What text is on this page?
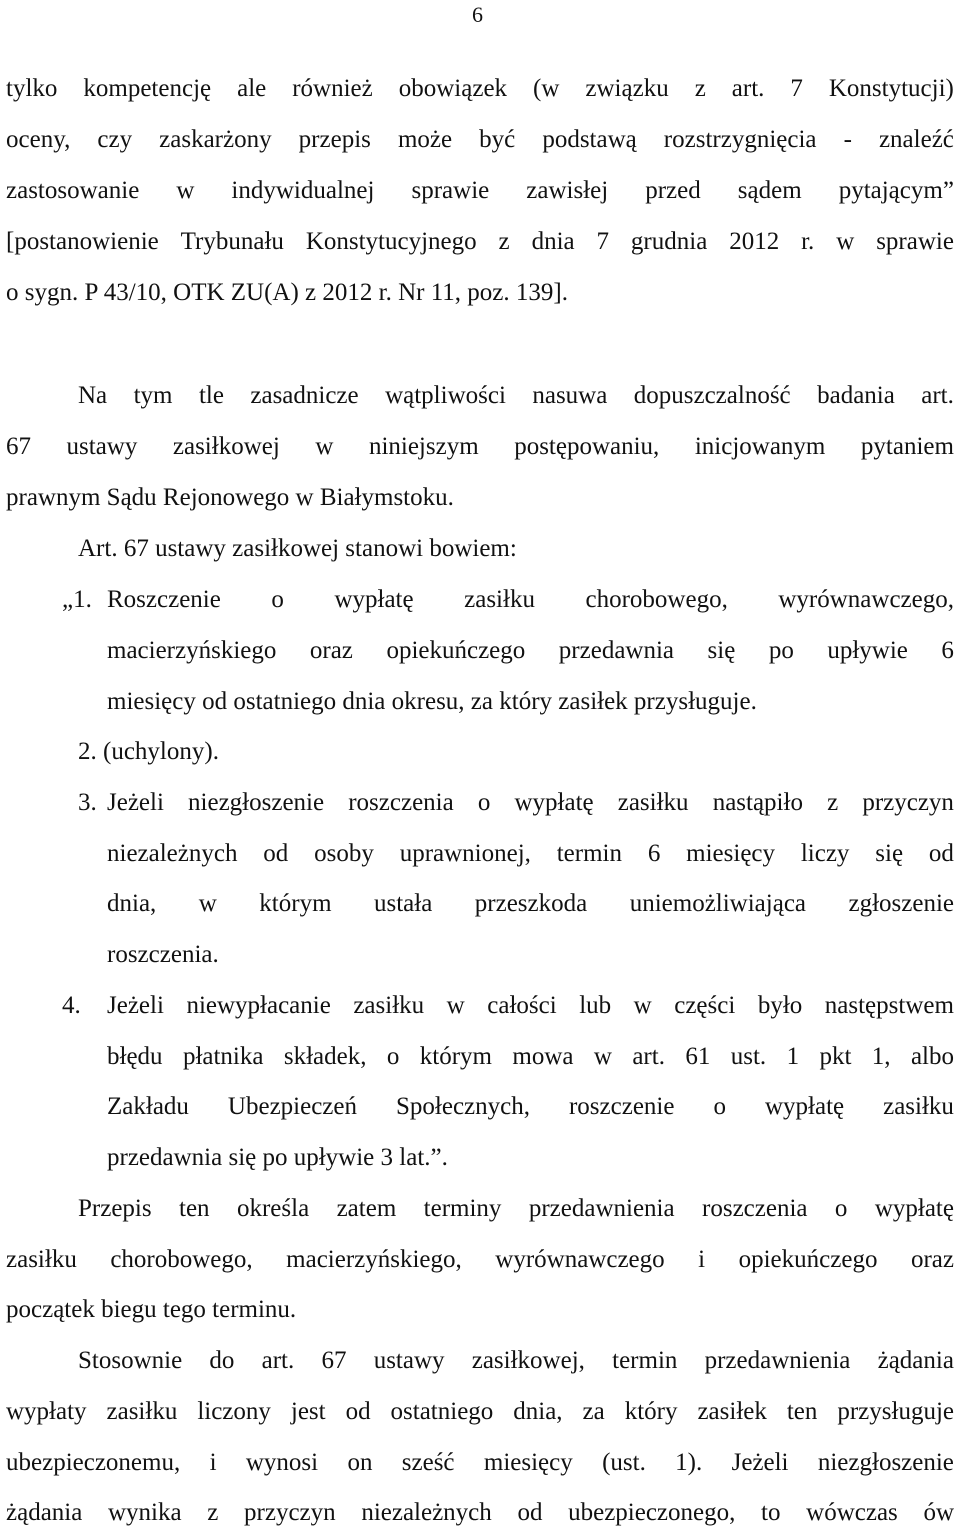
6
tylko kompetencję ale również obowiązek (w związku z art. 7 Konstytucji)
oceny, czy zaskarżony przepis może być podstawą rozstrzygnięcia - znaleźć
zastosowanie w indywidualnej sprawie zawisłej przed sądem pytającym”
[postanowienie Trybunału Konstytucyjnego z dnia 7 grudnia 2012 r. w sprawie
o sygn. P 43/10, OTK ZU(A) z 2012 r. Nr 11, poz. 139].
Na tym tle zasadnicze wątpliwości nasuwa dopuszczalność badania art.
67 ustawy zasiłkowej w niniejszym postępowaniu, inicjowanym pytaniem
prawnym Sądu Rejonowego w Białymstoku.
Art. 67 ustawy zasiłkowej stanowi bowiem:
„1. Roszczenie o wypłatę zasiłku chorobowego, wyrównawczego,
macierzyńskiego oraz opiekuńczego przedawnia się po upływie 6
miesięcy od ostatniego dnia okresu, za który zasiłek przysługuje.
2. (uchylony).
3. Jeżeli niezgłoszenie roszczenia o wypłatę zasiłku nastąpiło z przyczyn
niezależnych od osoby uprawnionej, termin 6 miesięcy liczy się od
dnia, w którym ustała przeszkoda uniemożliwiająca zgłoszenie
roszczenia.
4. Jeżeli niewypłacanie zasiłku w całości lub w części było następstwem
błędu płatnika składek, o którym mowa w art. 61 ust. 1 pkt 1, albo
Zakładu Ubezpieczeń Społecznych, roszczenie o wypłatę zasiłku
przedawnia się po upływie 3 lat.”.
Przepis ten określa zatem terminy przedawnienia roszczenia o wypłatę
zasiłku chorobowego, macierzyńskiego, wyrównawczego i opiekuńczego oraz
początek biegu tego terminu.
Stosownie do art. 67 ustawy zasiłkowej, termin przedawnienia żądania
wypłaty zasiłku liczony jest od ostatniego dnia, za który zasiłek ten przysługuje
ubezpieczonemu, i wynosi on sześć miesięcy (ust. 1). Jeżeli niezgłoszenie
żądania wynika z przyczyn niezależnych od ubezpieczonego, to wówczas ów
